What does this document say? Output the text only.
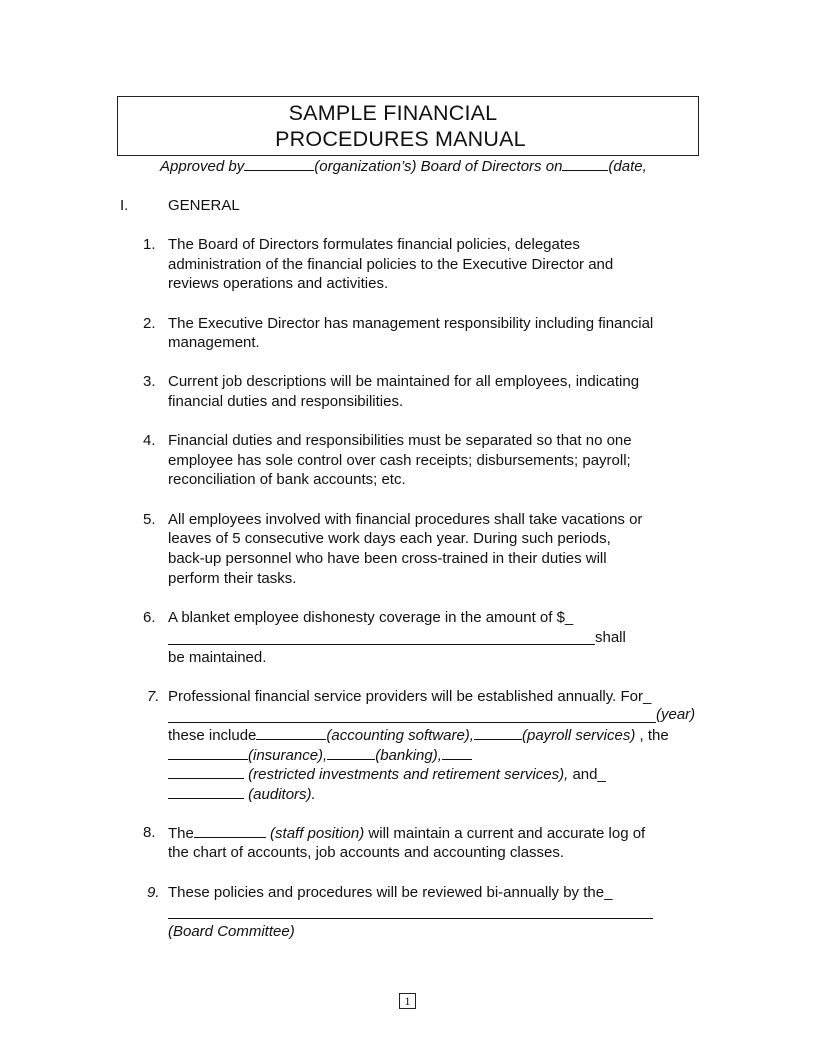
SAMPLE FINANCIAL
PROCEDURES MANUAL
Approved by	(organization’s) Board of Directors on	(date,
I.	GENERAL
1. The Board of Directors formulates financial policies, delegates
administration of the financial policies to the Executive Director and
reviews operations and activities.
2. The Executive Director has management responsibility including financial
management.
3. Current job descriptions will be maintained for all employees, indicating
financial duties and responsibilities.
4. Financial duties and responsibilities must be separated so that no one
employee has sole control over cash receipts; disbursements; payroll;
reconciliation of bank accounts; etc.
5. All employees involved with financial procedures shall take vacations or
leaves of 5 consecutive work days each year. During such periods,
back-up personnel who have been cross-trained in their duties will
perform their tasks.
6. A blanket employee dishonesty coverage in the amount of $_
shall
be maintained.
7. Professional financial service providers will be established annually. For_
(year)
these include	(accounting software),	(payroll services) , the
(insurance),	(banking),
(restricted investments and retirement services), and_
(auditors).
8. The	(staff position) will maintain a current and accurate log of
the chart of accounts, job accounts and accounting classes.
9. These policies and procedures will be reviewed bi-annually by the_
(Board Committee)
1
